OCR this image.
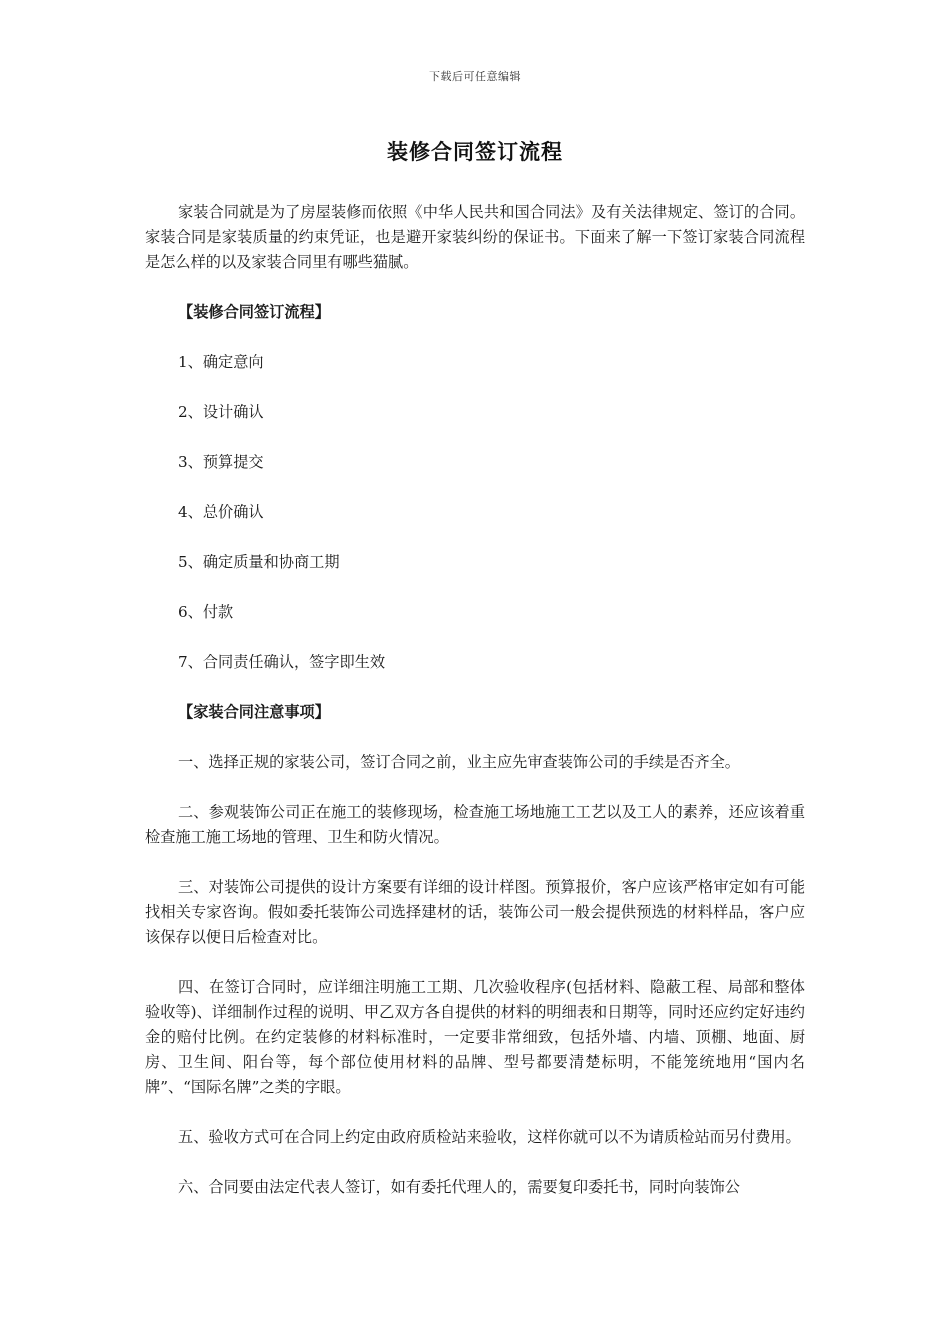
下载后可任意编辑
装修合同签订流程

家装合同就是为了房屋装修而依照《中华人民共和国合同法》及有关法律规定、签订的合同。家装合同是家装质量的约束凭证，也是避开家装纠纷的保证书。下面来了解一下签订家装合同流程是怎么样的以及家装合同里有哪些猫腻。

【装修合同签订流程】
1、确定意向
2、设计确认
3、预算提交
4、总价确认
5、确定质量和协商工期
6、付款
7、合同责任确认，签字即生效
【家装合同注意事项】

一、选择正规的家装公司，签订合同之前，业主应先审查装饰公司的手续是否齐全。

二、参观装饰公司正在施工的装修现场，检查施工场地施工工艺以及工人的素养，还应该着重检查施工施工场地的管理、卫生和防火情况。

三、对装饰公司提供的设计方案要有详细的设计样图。预算报价，客户应该严格审定如有可能找相关专家咨询。假如委托装饰公司选择建材的话，装饰公司一般会提供预选的材料样品，客户应该保存以便日后检查对比。

四、在签订合同时，应详细注明施工工期、几次验收程序(包括材料、隐蔽工程、局部和整体验收等)、详细制作过程的说明、甲乙双方各自提供的材料的明细表和日期等，同时还应约定好违约金的赔付比例。在约定装修的材料标准时，一定要非常细致，包括外墙、内墙、顶棚、地面、厨房、卫生间、阳台等，每个部位使用材料的品牌、型号都要清楚标明，不能笼统地用“国内名牌”、“国际名牌”之类的字眼。

五、验收方式可在合同上约定由政府质检站来验收，这样你就可以不为请质检站而另付费用。

六、合同要由法定代表人签订，如有委托代理人的，需要复印委托书，同时向装饰公
